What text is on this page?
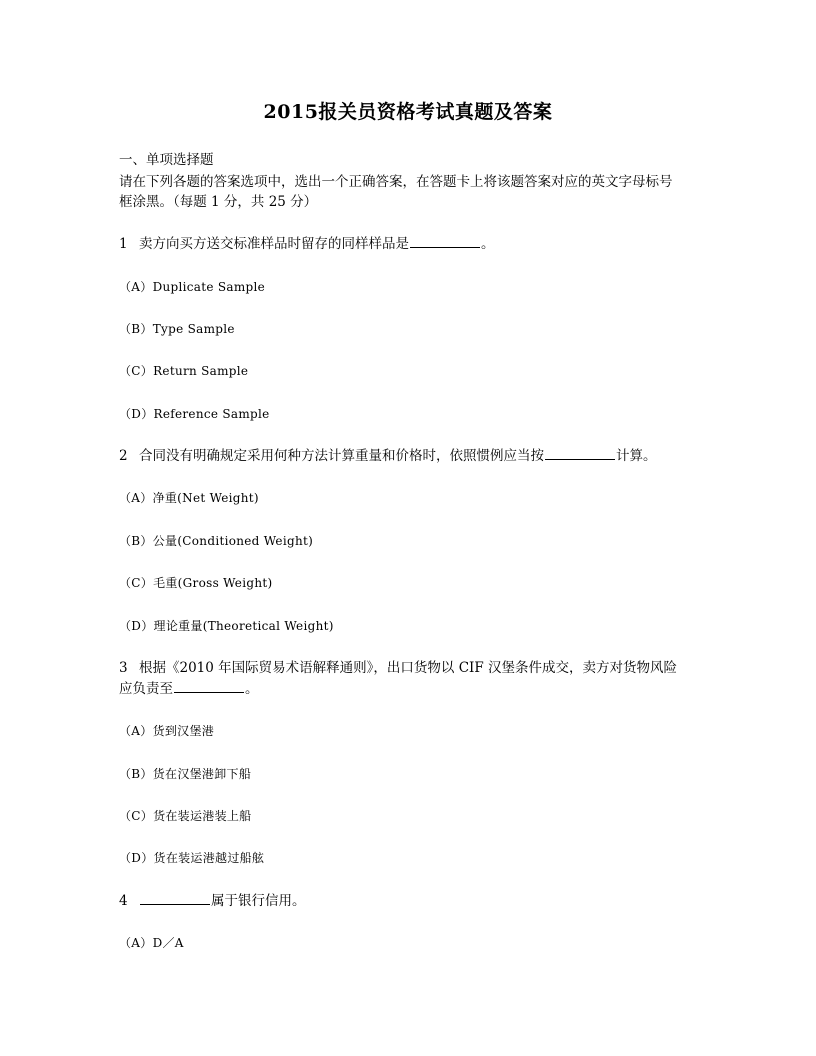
2015报关员资格考试真题及答案
一、单项选择题
请在下列各题的答案选项中，选出一个正确答案，在答题卡上将该题答案对应的英文字母标号
框涂黑。（每题 1 分，共 25 分）
1 卖方向买方送交标准样品时留存的同样样品是	。
（A）Duplicate Sample
（B）Type Sample
（C）Return Sample
（D）Reference Sample
2 合同没有明确规定采用何种方法计算重量和价格时，依照惯例应当按	计算。
（A）净重(Net Weight)
（B）公量(Conditioned Weight)
（C）毛重(Gross Weight)
（D）理论重量(Theoretical Weight)
3 根据《2010 年国际贸易术语解释通则》，出口货物以 CIF 汉堡条件成交，卖方对货物风险
应负责至	。
（A）货到汉堡港
（B）货在汉堡港卸下船
（C）货在装运港装上船
（D）货在装运港越过船舷
4	属于银行信用。
（A）D／A
